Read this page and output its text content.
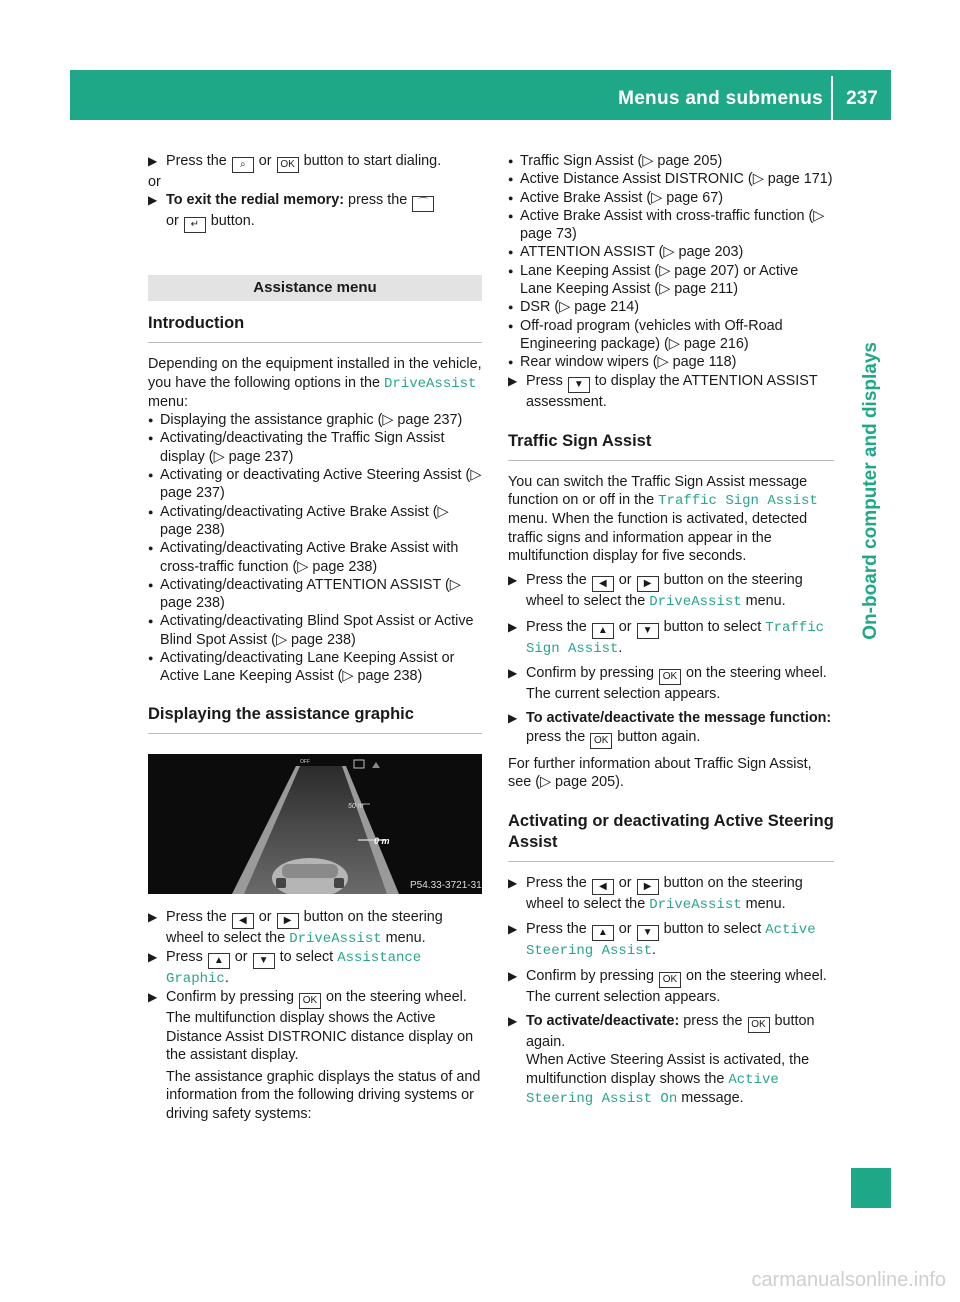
Menus and submenus	237
On-board computer and displays
▶ Press the ⌕ or OK button to start dialing.

or

▶ To exit the redial memory: press the ⌒
or ↵ button.
Assistance menu
Introduction

Depending on the equipment installed in the vehicle, you have the following options in the DriveAssist menu:

● Displaying the assistance graphic (▷ page 237)
● Activating/deactivating the Traffic Sign Assist display (▷ page 237)
● Activating or deactivating Active Steering Assist (▷ page 237)
● Activating/deactivating Active Brake Assist (▷ page 238)
● Activating/deactivating Active Brake Assist with cross-traffic function (▷ page 238)
● Activating/deactivating ATTENTION ASSIST (▷ page 238)
● Activating/deactivating Blind Spot Assist or Active Blind Spot Assist (▷ page 238)
● Activating/deactivating Lane Keeping Assist or Active Lane Keeping Assist (▷ page 238)
Displaying the assistance graphic
50 m
0 m
OFF
P54.33-3721-31
▶ Press the ◀ or ▶ button on the steering wheel to select the DriveAssist menu.
▶ Press ▲ or ▼ to select Assistance Graphic.
▶ Confirm by pressing OK on the steering wheel.

The multifunction display shows the Active Distance Assist DISTRONIC distance display on the assistant display.

The assistance graphic displays the status of and information from the following driving systems or driving safety systems:

● Traffic Sign Assist (▷ page 205)
● Active Distance Assist DISTRONIC (▷ page 171)
● Active Brake Assist (▷ page 67)
● Active Brake Assist with cross-traffic function (▷ page 73)
● ATTENTION ASSIST (▷ page 203)
● Lane Keeping Assist (▷ page 207) or Active Lane Keeping Assist (▷ page 211)
● DSR (▷ page 214)
● Off-road program (vehicles with Off-Road Engineering package) (▷ page 216)
● Rear window wipers (▷ page 118)
▶ Press ▼ to display the ATTENTION ASSIST assessment.
Traffic Sign Assist

You can switch the Traffic Sign Assist message function on or off in the Traffic Sign Assist menu. When the function is activated, detected traffic signs and information appear in the multifunction display for five seconds.

▶ Press the ◀ or ▶ button on the steering wheel to select the DriveAssist menu.
▶ Press the ▲ or ▼ button to select Traffic Sign Assist.
▶ Confirm by pressing OK on the steering wheel.

The current selection appears.

▶ To activate/deactivate the message function: press the OK button again.

For further information about Traffic Sign Assist, see (▷ page 205).

Activating or deactivating Active Steering Assist
▶ Press the ◀ or ▶ button on the steering wheel to select the DriveAssist menu.
▶ Press the ▲ or ▼ button to select Active Steering Assist.
▶ Confirm by pressing OK on the steering wheel.

The current selection appears.

▶ To activate/deactivate: press the OK button again.

When Active Steering Assist is activated, the multifunction display shows the Active Steering Assist On message.

carmanualsonline.info
